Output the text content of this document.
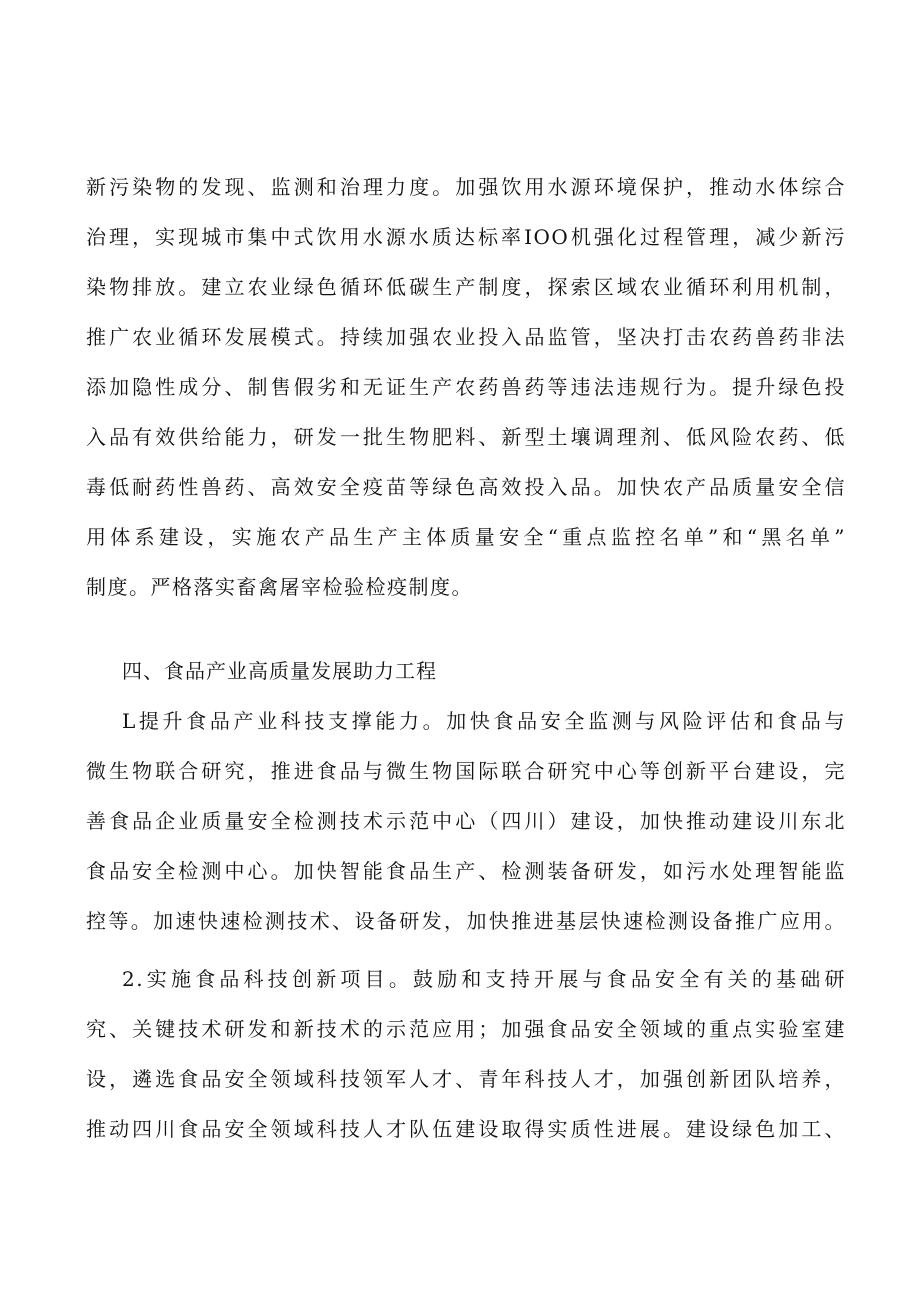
新污染物的发现、监测和治理力度。加强饮用水源环境保护，推动水体综合
治理，实现城市集中式饮用水源水质达标率IOO机强化过程管理，减少新污
染物排放。建立农业绿色循环低碳生产制度，探索区域农业循环利用机制，
推广农业循环发展模式。持续加强农业投入品监管，坚决打击农药兽药非法
添加隐性成分、制售假劣和无证生产农药兽药等违法违规行为。提升绿色投
入品有效供给能力，研发一批生物肥料、新型土壤调理剂、低风险农药、低
毒低耐药性兽药、高效安全疫苗等绿色高效投入品。加快农产品质量安全信
用体系建设，实施农产品生产主体质量安全“重点监控名单”和“黑名单”
制度。严格落实畜禽屠宰检验检疫制度。
四、食品产业高质量发展助力工程
L提升食品产业科技支撑能力。加快食品安全监测与风险评估和食品与
微生物联合研究，推进食品与微生物国际联合研究中心等创新平台建设，完
善食品企业质量安全检测技术示范中心（四川）建设，加快推动建设川东北
食品安全检测中心。加快智能食品生产、检测装备研发，如污水处理智能监
控等。加速快速检测技术、设备研发，加快推进基层快速检测设备推广应用。
2.实施食品科技创新项目。鼓励和支持开展与食品安全有关的基础研
究、关键技术研发和新技术的示范应用；加强食品安全领域的重点实验室建
设，遴选食品安全领域科技领军人才、青年科技人才，加强创新团队培养，
推动四川食品安全领域科技人才队伍建设取得实质性进展。建设绿色加工、
